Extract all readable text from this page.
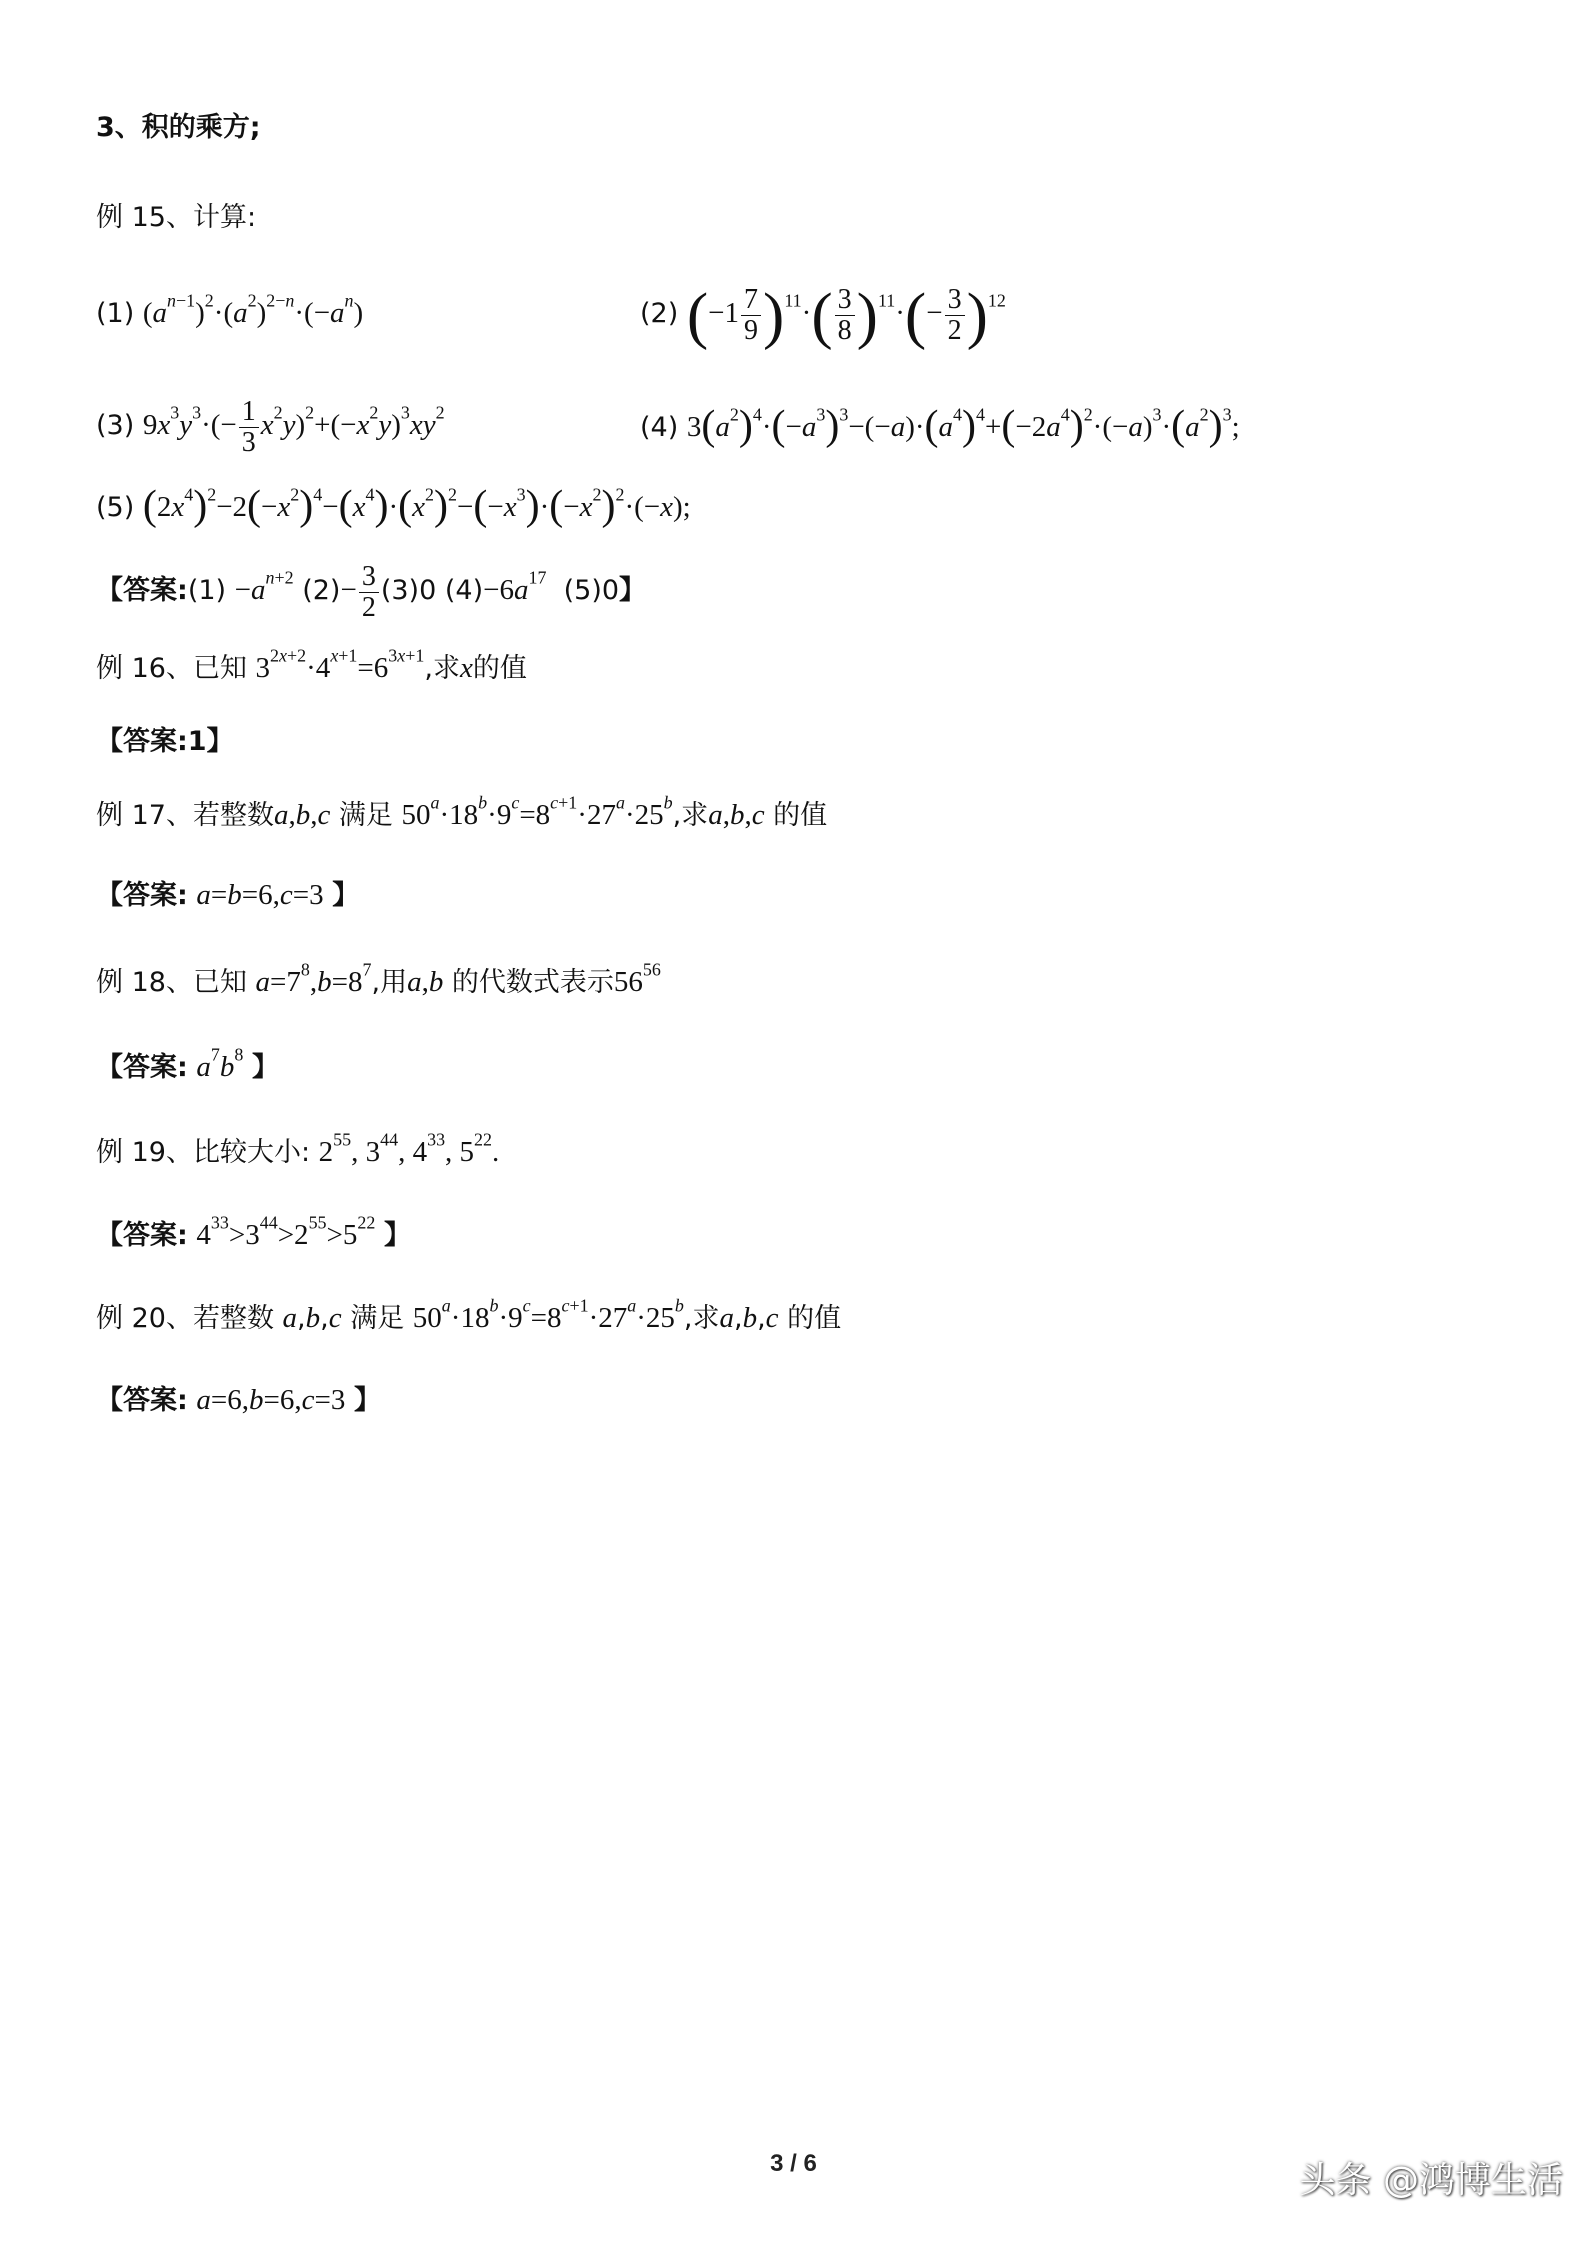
3、积的乘方;
例 15、计算:
(1) $(a^{n-1})^2\cdot(a^2)^{2-n}\cdot(-a^n)$	(2) $(-1 \frac{7}{9} )^{11}\cdot( \frac{3}{8} )^{11}\cdot(- \frac{3}{2} )^{12}$
(3) $9x^3y^3\cdot(- \frac{1}{3} x^2y)^2+(-x^2y)^3xy^2$	(4) $3(a^2)^4\cdot(-a^3)^3-(-a)\cdot(a^4)^4+(-2a^4)^2\cdot(-a)^3\cdot(a^2)^3$;
(5) $(2x^4)^2-2(-x^2)^4-(x^4)\cdot(x^2)^2-(-x^3)\cdot(-x^2)^2\cdot(-x)$;
【答案:(1) $-a^{n+2}$ $(2)- \frac{3}{2} (3)0$ $(4)-6a^{17}$ (5)0】
例 16、已知 $3^{2x+2}\cdot 4^{x+1}=6^{3x+1}$,求x的值
【答案:1】
例 17、若整数a,b,c 满足 $50^a\cdot 18^b\cdot 9^c=8^{c+1}\cdot 27^a\cdot 25^b$,求a,b,c 的值
【答案: a=b=6,c=3 】
例 18、已知 $a=7^8,b=8^7$,用a,b 的代数式表示$56^{56}$
【答案: $a^7b^8$ 】
例 19、比较大小: $2^{55}$, $3^{44}$, $4^{33}$, $5^{22}$.
【答案: $4^{33}>3^{44}>2^{55}>5^{22}$ 】
例 20、若整数 a,b,c 满足 $50^a\cdot 18^b\cdot 9^c=8^{c+1}\cdot 27^a\cdot 25^b$,求a,b,c 的值
【答案: a=6,b=6,c=3 】
3 / 6	头条 @鸿博生活
